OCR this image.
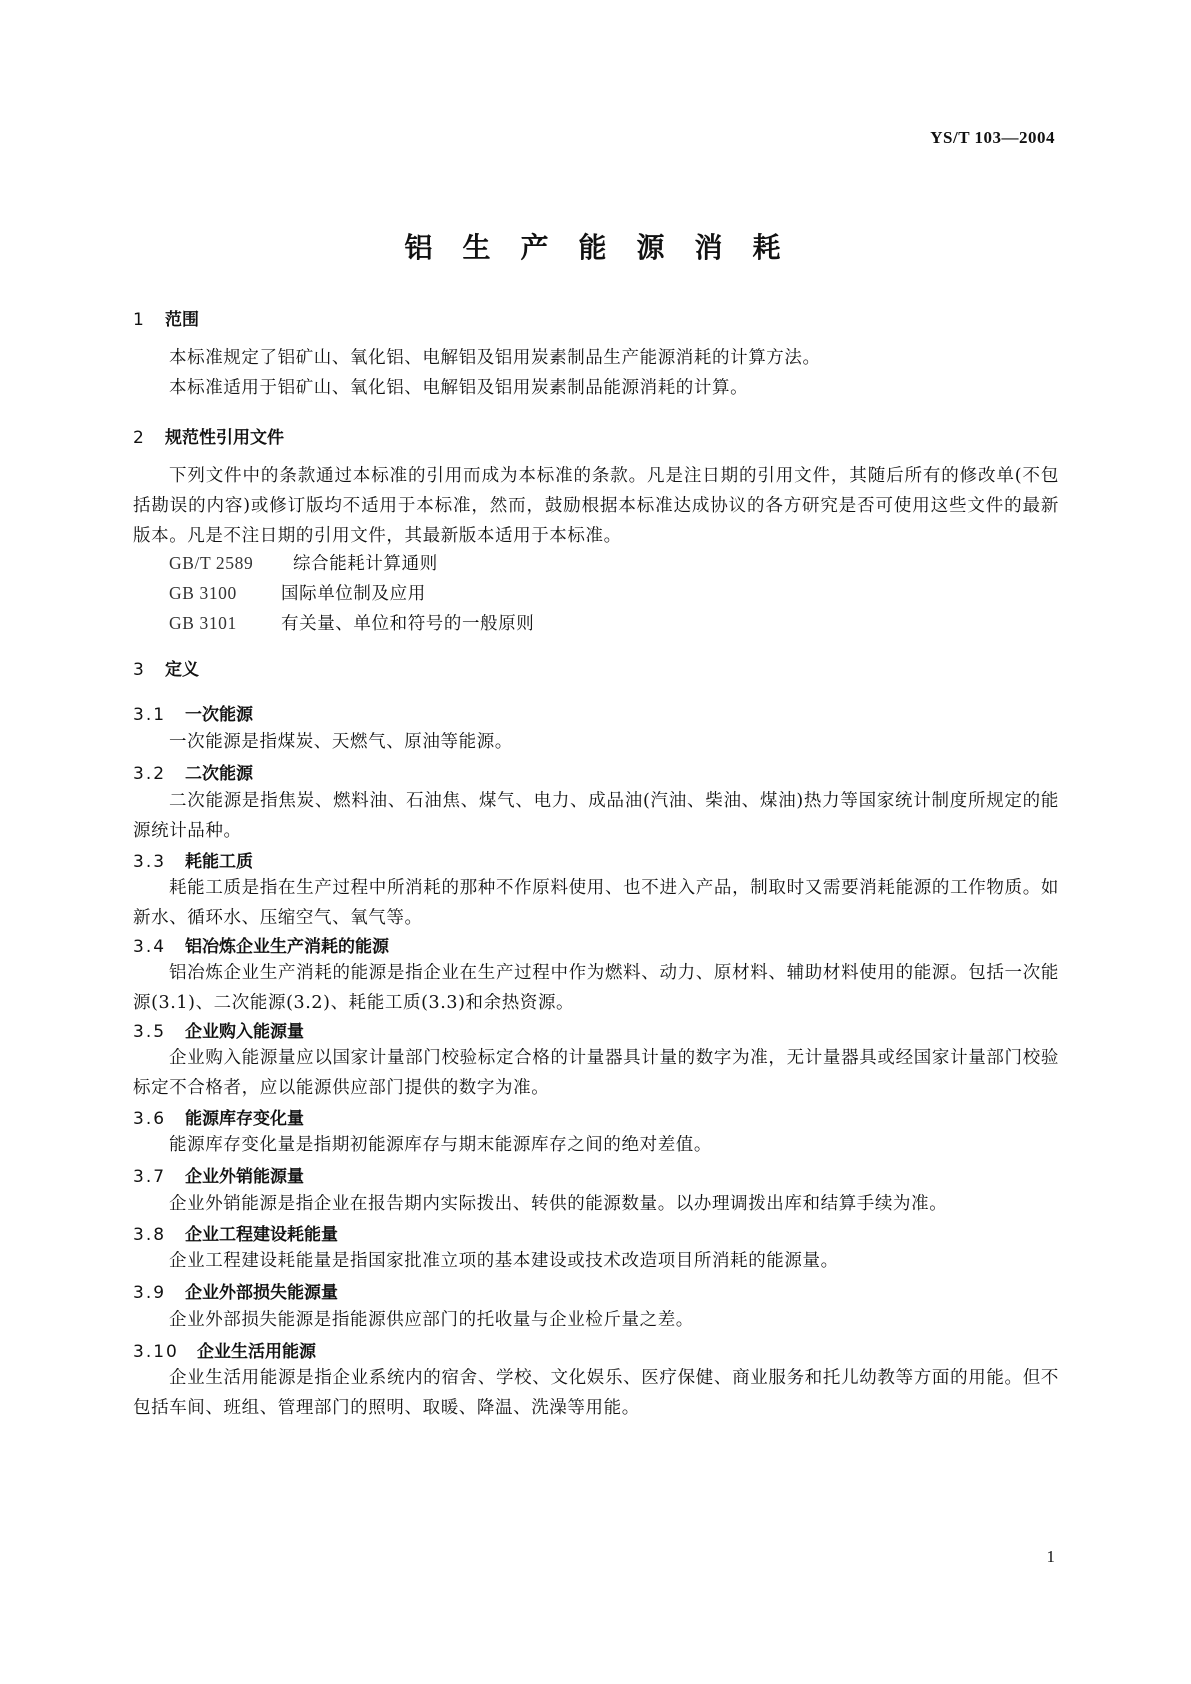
YS/T 103—2004
铝生产能源消耗
1 范围
本标准规定了铝矿山、氧化铝、电解铝及铝用炭素制品生产能源消耗的计算方法。
本标准适用于铝矿山、氧化铝、电解铝及铝用炭素制品能源消耗的计算。
2 规范性引用文件
下列文件中的条款通过本标准的引用而成为本标准的条款。凡是注日期的引用文件，其随后所有的修改单(不包括勘误的内容)或修订版均不适用于本标准，然而，鼓励根据本标准达成协议的各方研究是否可使用这些文件的最新版本。凡是不注日期的引用文件，其最新版本适用于本标准。
GB/T 2589 综合能耗计算通则
GB 3100	国际单位制及应用
GB 3101	有关量、单位和符号的一般原则
3 定义
3.1 一次能源
一次能源是指煤炭、天燃气、原油等能源。
3.2 二次能源
二次能源是指焦炭、燃料油、石油焦、煤气、电力、成品油(汽油、柴油、煤油)热力等国家统计制度所规定的能源统计品种。
3.3 耗能工质
耗能工质是指在生产过程中所消耗的那种不作原料使用、也不进入产品，制取时又需要消耗能源的工作物质。如新水、循环水、压缩空气、氧气等。
3.4 铝冶炼企业生产消耗的能源
铝冶炼企业生产消耗的能源是指企业在生产过程中作为燃料、动力、原材料、辅助材料使用的能源。包括一次能源(3.1)、二次能源(3.2)、耗能工质(3.3)和余热资源。
3.5 企业购入能源量
企业购入能源量应以国家计量部门校验标定合格的计量器具计量的数字为准，无计量器具或经国家计量部门校验标定不合格者，应以能源供应部门提供的数字为准。
3.6 能源库存变化量
能源库存变化量是指期初能源库存与期末能源库存之间的绝对差值。
3.7 企业外销能源量
企业外销能源是指企业在报告期内实际拨出、转供的能源数量。以办理调拨出库和结算手续为准。
3.8 企业工程建设耗能量
企业工程建设耗能量是指国家批准立项的基本建设或技术改造项目所消耗的能源量。
3.9 企业外部损失能源量
企业外部损失能源是指能源供应部门的托收量与企业检斤量之差。
3.10 企业生活用能源
企业生活用能源是指企业系统内的宿舍、学校、文化娱乐、医疗保健、商业服务和托儿幼教等方面的用能。但不包括车间、班组、管理部门的照明、取暖、降温、洗澡等用能。
1
